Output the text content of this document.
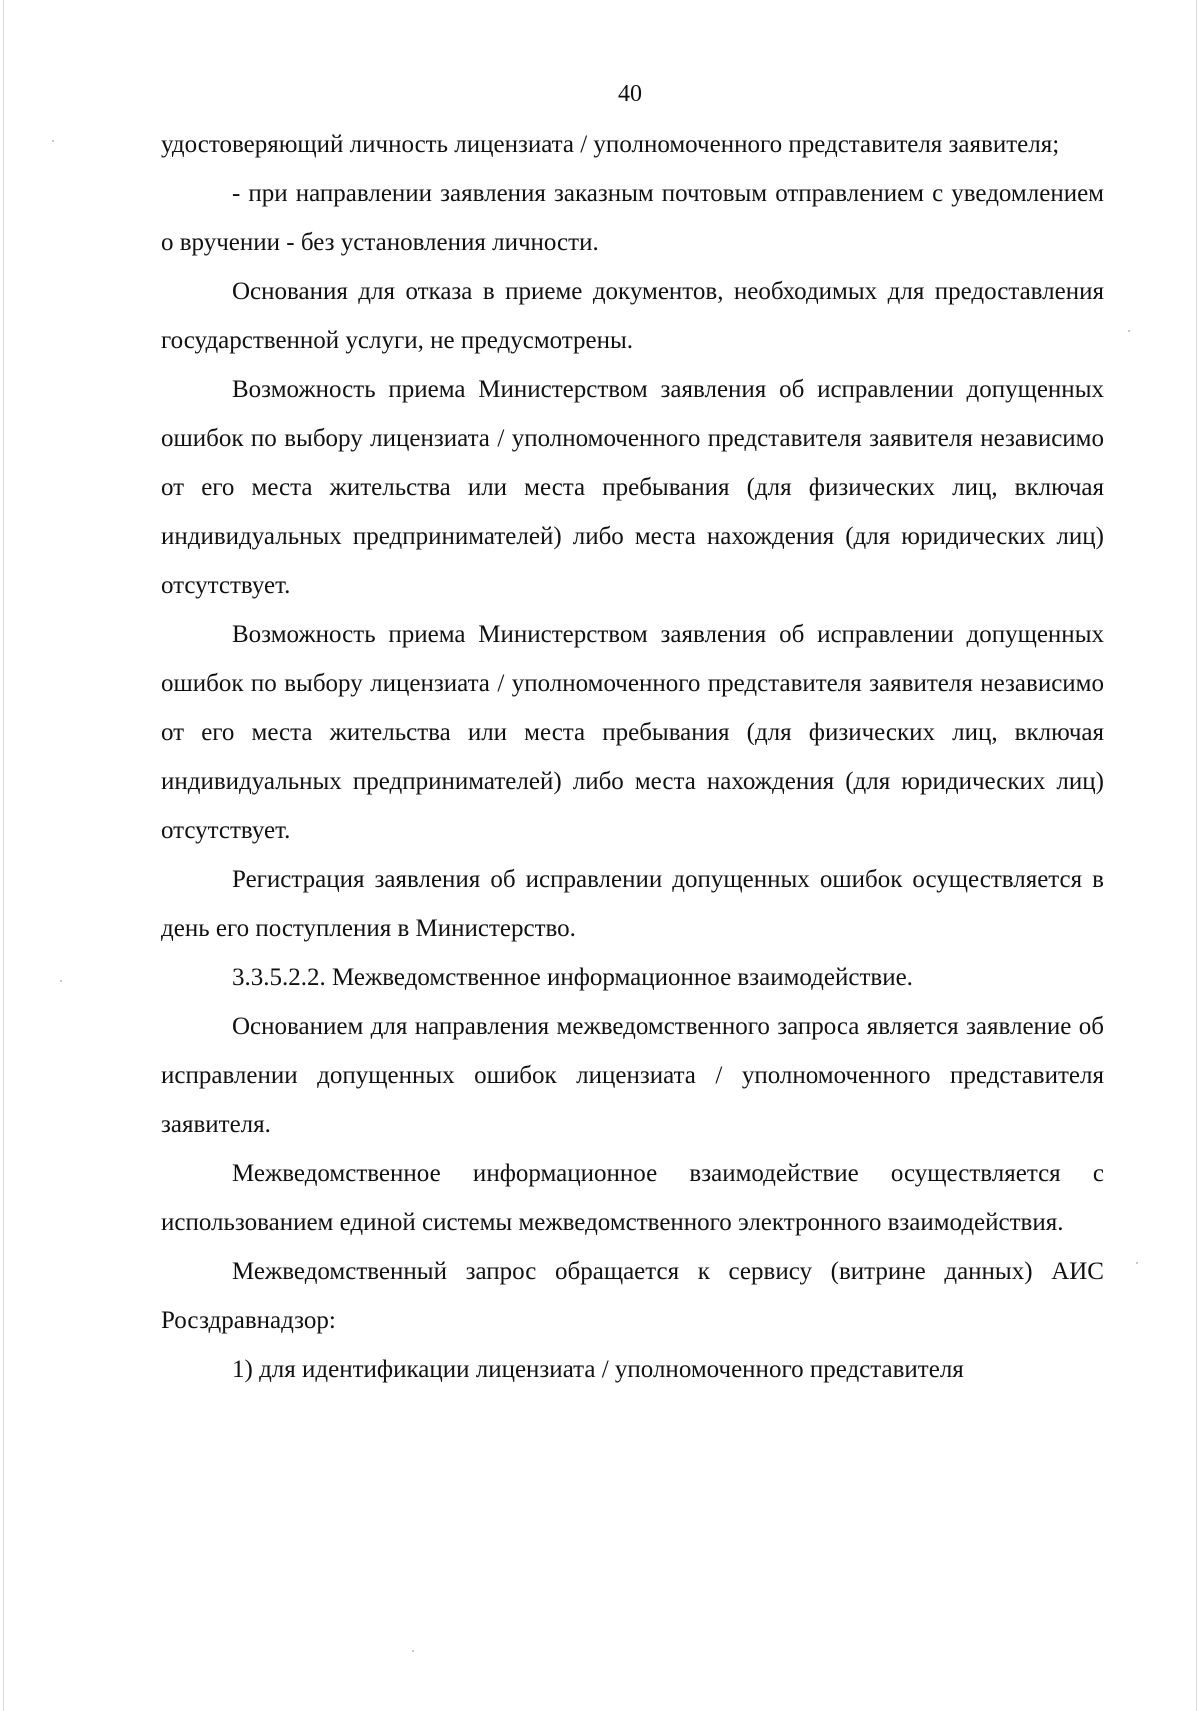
40

удостоверяющий личность лицензиата / уполномоченного представителя заявителя;

- при направлении заявления заказным почтовым отправлением с уведомлением о вручении - без установления личности.

Основания для отказа в приеме документов, необходимых для предоставления государственной услуги, не предусмотрены.

Возможность приема Министерством заявления об исправлении допущенных ошибок по выбору лицензиата / уполномоченного представителя заявителя независимо от его места жительства или места пребывания (для физических лиц, включая индивидуальных предпринимателей) либо места нахождения (для юридических лиц) отсутствует.

Возможность приема Министерством заявления об исправлении допущенных ошибок по выбору лицензиата / уполномоченного представителя заявителя независимо от его места жительства или места пребывания (для физических лиц, включая индивидуальных предпринимателей) либо места нахождения (для юридических лиц) отсутствует.

Регистрация заявления об исправлении допущенных ошибок осуществляется в день его поступления в Министерство.

3.3.5.2.2. Межведомственное информационное взаимодействие.

Основанием для направления межведомственного запроса является заявление об исправлении допущенных ошибок лицензиата / уполномоченного представителя заявителя.

Межведомственное информационное взаимодействие осуществляется с использованием единой системы межведомственного электронного взаимодействия.

Межведомственный запрос обращается к сервису (витрине данных) АИС Росздравнадзор:

1) для идентификации лицензиата / уполномоченного представителя
